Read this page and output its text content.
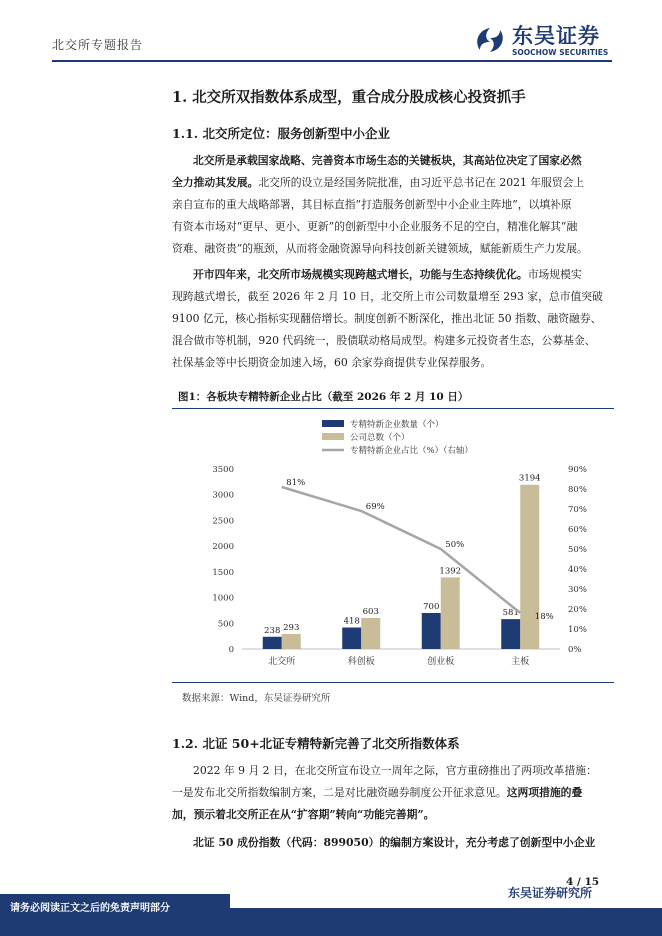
北交所专题报告	东吴证券
SOOCHOW SECURITIES
1. 北交所双指数体系成型，重合成分股成核心投资抓手
1.1. 北交所定位：服务创新型中小企业
北交所是承载国家战略、完善资本市场生态的关键板块，其高站位决定了国家必然
全力推动其发展。北交所的设立是经国务院批准，由习近平总书记在 2021 年服贸会上
亲自宣布的重大战略部署，其目标直指“打造服务创新型中小企业主阵地”，以填补原
有资本市场对“更早、更小、更新”的创新型中小企业服务不足的空白，精准化解其“融
资难、融资贵”的瓶颈，从而将金融资源导向科技创新关键领域，赋能新质生产力发展。
开市四年来，北交所市场规模实现跨越式增长，功能与生态持续优化。市场规模实
现跨越式增长，截至 2026 年 2 月 10 日，北交所上市公司数量增至 293 家，总市值突破
9100 亿元，核心指标实现翻倍增长。制度创新不断深化，推出北证 50 指数、融资融券、
混合做市等机制，920 代码统一，股债联动格局成型。构建多元投资者生态，公募基金、
社保基金等中长期资金加速入场，60 余家券商提供专业保荐服务。
图1：各板块专精特新企业占比（截至 2026 年 2 月 10 日）
专精特新企业数量（个）
公司总数（个）
专精特新企业占比（%）（右轴）
0
500
1000
1500
2000
2500
3000
3500
0%
10%
20%
30%
40%
50%
60%
70%
80%
90%
北交所
238 293
科创板
418
603
创业板
700
1392
主板
581
3194
81%
69%
50%
18%
数据来源：Wind，东吴证券研究所
1.2. 北证 50+北证专精特新完善了北交所指数体系
2022 年 9 月 2 日，在北交所宣布设立一周年之际，官方重磅推出了两项改革措施：
一是发布北交所指数编制方案，二是对比融资融券制度公开征求意见。这两项措施的叠
加，预示着北交所正在从“扩容期”转向“功能完善期”。
北证 50 成份指数（代码：899050）的编制方案设计，充分考虑了创新型中小企业
4 / 15
东吴证券研究所
请务必阅读正文之后的免责声明部分
